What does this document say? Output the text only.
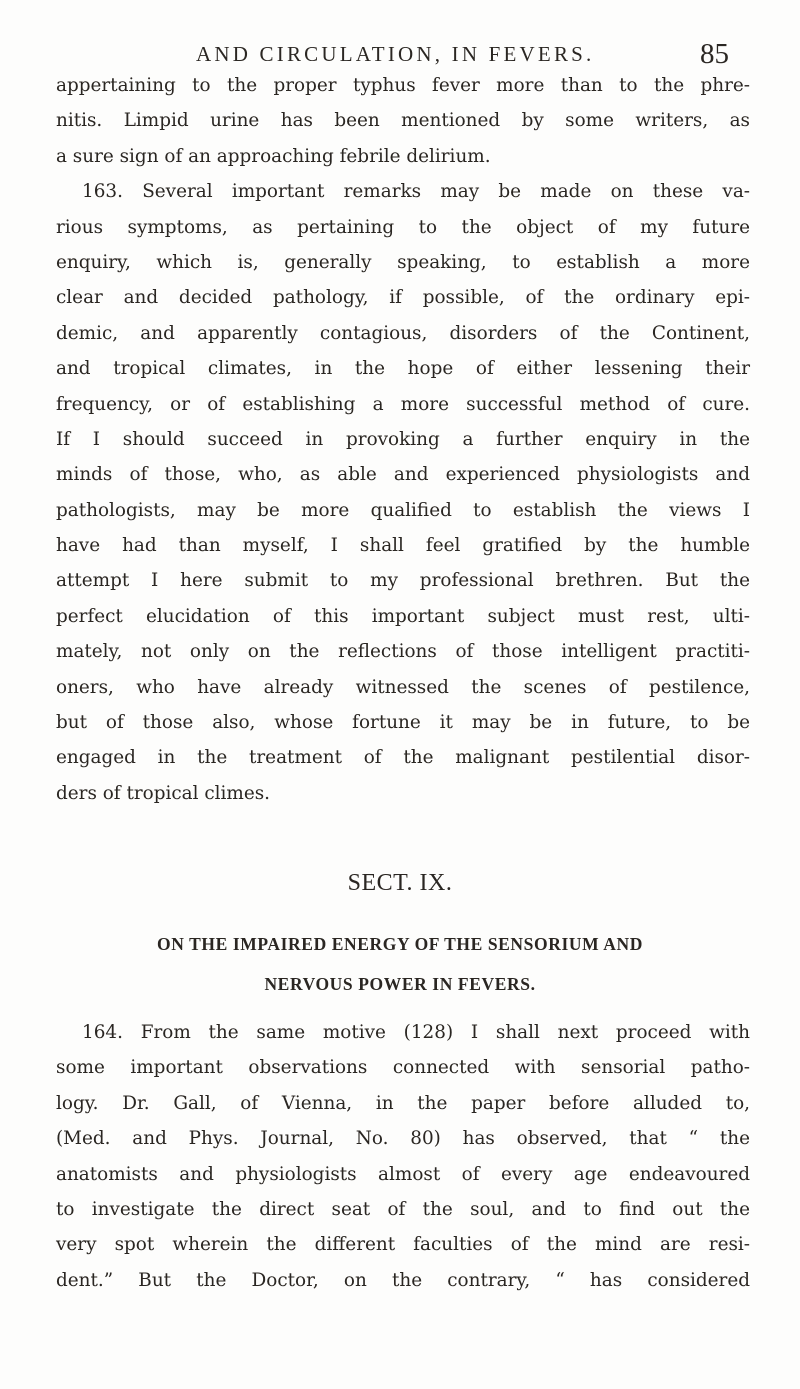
AND CIRCULATION, IN FEVERS.	85
appertaining to the proper typhus fever more than to the phre-
nitis. Limpid urine has been mentioned by some writers, as
a sure sign of an approaching febrile delirium.
163. Several important remarks may be made on these va-
rious symptoms, as pertaining to the object of my future
enquiry, which is, generally speaking, to establish a more
clear and decided pathology, if possible, of the ordinary epi-
demic, and apparently contagious, disorders of the Continent,
and tropical climates, in the hope of either lessening their
frequency, or of establishing a more successful method of cure.
If I should succeed in provoking a further enquiry in the
minds of those, who, as able and experienced physiologists and
pathologists, may be more qualified to establish the views I
have had than myself, I shall feel gratified by the humble
attempt I here submit to my professional brethren. But the
perfect elucidation of this important subject must rest, ulti-
mately, not only on the reflections of those intelligent practiti-
oners, who have already witnessed the scenes of pestilence,
but of those also, whose fortune it may be in future, to be
engaged in the treatment of the malignant pestilential disor-
ders of tropical climes.
SECT. IX.
ON THE IMPAIRED ENERGY OF THE SENSORIUM AND
NERVOUS POWER IN FEVERS.
164. From the same motive (128) I shall next proceed with
some important observations connected with sensorial patho-
logy. Dr. Gall, of Vienna, in the paper before alluded to,
(Med. and Phys. Journal, No. 80) has observed, that “ the
anatomists and physiologists almost of every age endeavoured
to investigate the direct seat of the soul, and to find out the
very spot wherein the different faculties of the mind are resi-
dent.” But the Doctor, on the contrary, “ has considered
